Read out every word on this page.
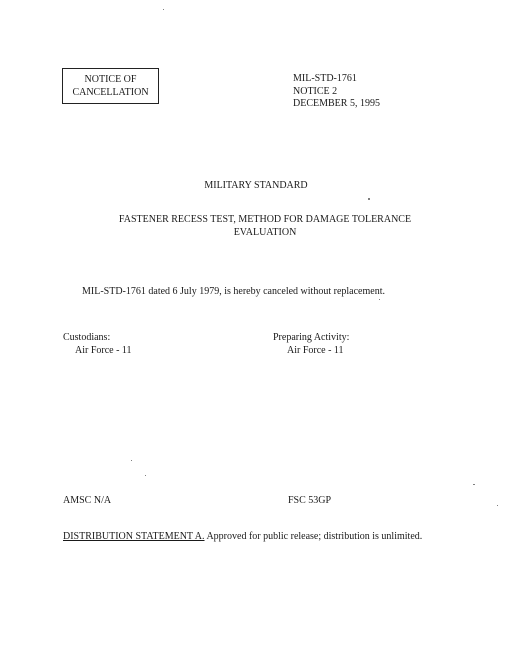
NOTICE OF
CANCELLATION
MIL-STD-1761
NOTICE 2
DECEMBER 5, 1995
MILITARY STANDARD
FASTENER RECESS TEST, METHOD FOR DAMAGE TOLERANCE
EVALUATION
MIL-STD-1761 dated 6 July 1979, is hereby canceled without replacement.
Custodians:
Air Force - 11
Preparing Activity:
Air Force - 11
AMSC N/A	FSC 53GP
DISTRIBUTION STATEMENT A. Approved for public release; distribution is unlimited.
